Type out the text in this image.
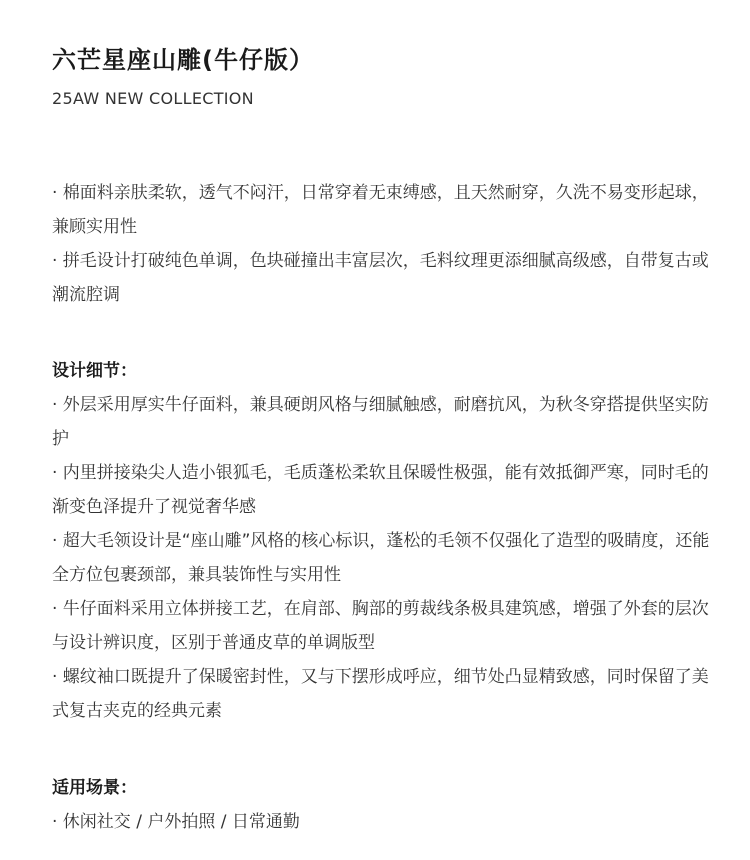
六芒星座山雕(牛仔版）
25AW NEW COLLECTION

· 棉面料亲肤柔软，透气不闷汗，日常穿着无束缚感，且天然耐穿，久洗不易变形起球，兼顾实用性

· 拼毛设计打破纯色单调，色块碰撞出丰富层次，毛料纹理更添细腻高级感，自带复古或潮流腔调

设计细节：

· 外层采用厚实牛仔面料，兼具硬朗风格与细腻触感，耐磨抗风，为秋冬穿搭提供坚实防护

· 内里拼接染尖人造小银狐毛，毛质蓬松柔软且保暖性极强，能有效抵御严寒，同时毛的渐变色泽提升了视觉奢华感

· 超大毛领设计是“座山雕”风格的核心标识，蓬松的毛领不仅强化了造型的吸睛度，还能全方位包裹颈部，兼具装饰性与实用性

· 牛仔面料采用立体拼接工艺，在肩部、胸部的剪裁线条极具建筑感，增强了外套的层次与设计辨识度，区别于普通皮草的单调版型

· 螺纹袖口既提升了保暖密封性，又与下摆形成呼应，细节处凸显精致感，同时保留了美式复古夹克的经典元素

适用场景：

· 休闲社交 / 户外拍照 / 日常通勤
